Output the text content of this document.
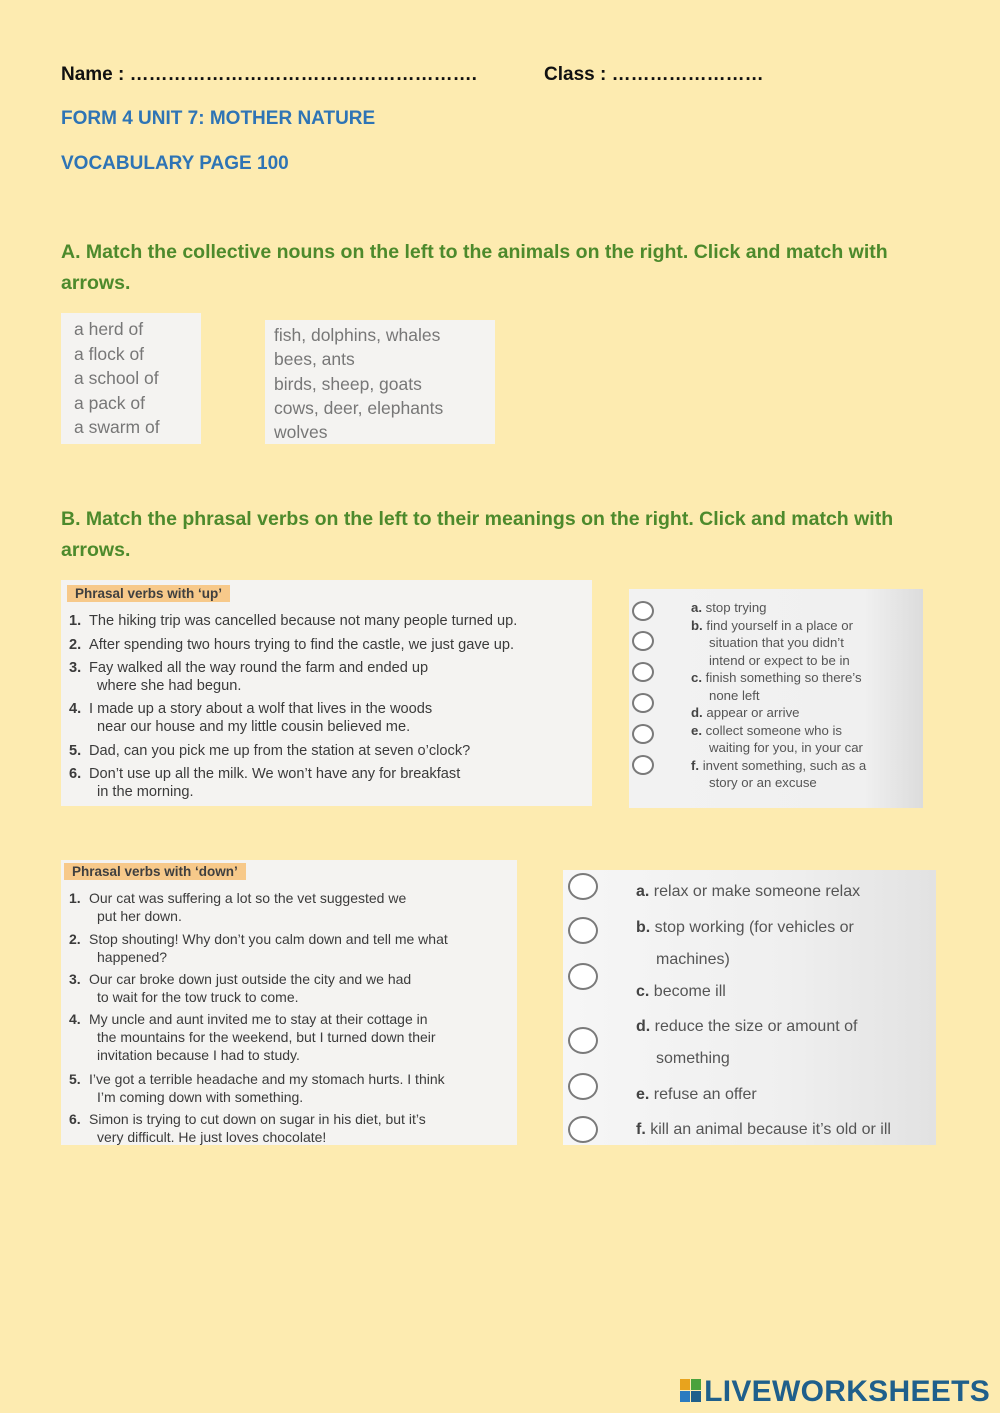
Name : ……………………………………………….	Class : ……………………
FORM 4 UNIT 7: MOTHER NATURE
VOCABULARY PAGE 100
A. Match the collective nouns on the left to the animals on the right. Click and match with arrows.
a herd of
a flock of
a school of
a pack of
a swarm of
fish, dolphins, whales
bees, ants
birds, sheep, goats
cows, deer, elephants
wolves
B. Match the phrasal verbs on the left to their meanings on the right. Click and match with arrows.
Phrasal verbs with ‘up’
1. The hiking trip was cancelled because not many people turned up.
2. After spending two hours trying to find the castle, we just gave up.
3. Fay walked all the way round the farm and ended up
where she had begun.
4. I made up a story about a wolf that lives in the woods
near our house and my little cousin believed me.
5. Dad, can you pick me up from the station at seven o’clock?
6. Don’t use up all the milk. We won’t have any for breakfast
in the morning.
a. stop trying
b. find yourself in a place or
situation that you didn’t
intend or expect to be in
c. finish something so there’s
none left
d. appear or arrive
e. collect someone who is
waiting for you, in your car
f. invent something, such as a
story or an excuse
Phrasal verbs with ‘down’
1. Our cat was suffering a lot so the vet suggested we
put her down.
2. Stop shouting! Why don’t you calm down and tell me what
happened?
3. Our car broke down just outside the city and we had
to wait for the tow truck to come.
4. My uncle and aunt invited me to stay at their cottage in
the mountains for the weekend, but I turned down their
invitation because I had to study.
5. I’ve got a terrible headache and my stomach hurts. I think
I’m coming down with something.
6. Simon is trying to cut down on sugar in his diet, but it’s
very difficult. He just loves chocolate!
a. relax or make someone relax
b. stop working (for vehicles or
machines)
c. become ill
d. reduce the size or amount of
something
e. refuse an offer
f. kill an animal because it’s old or ill
LIVEWORKSHEETS
